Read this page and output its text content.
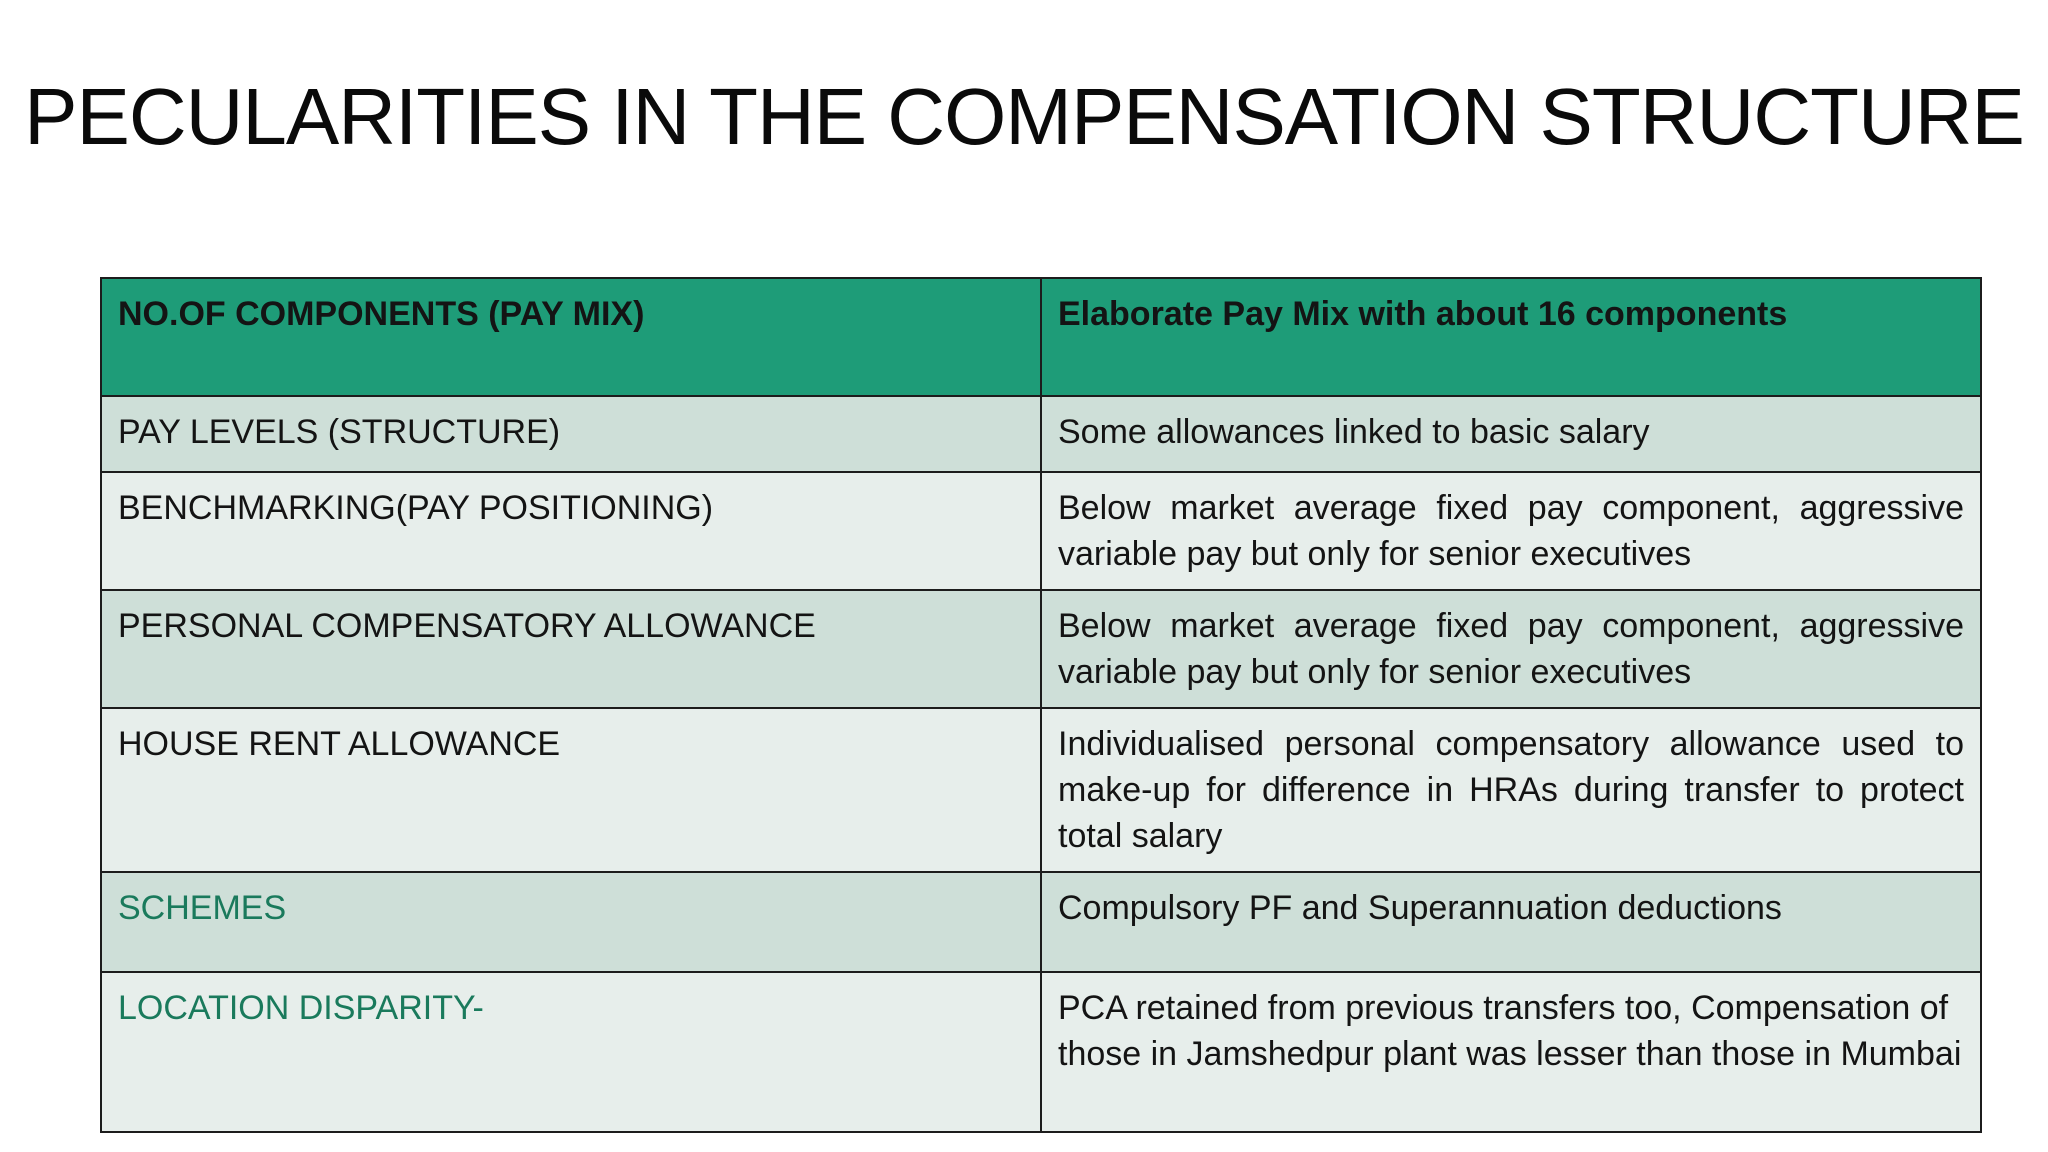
PECULARITIES IN THE COMPENSATION STRUCTURE
NO.OF COMPONENTS (PAY MIX)	Elaborate Pay Mix with about 16 components
PAY LEVELS (STRUCTURE)	Some allowances linked to basic salary
BENCHMARKING(PAY POSITIONING)	Below market average fixed pay component, aggressive variable pay but only for senior executives
PERSONAL COMPENSATORY ALLOWANCE	Below market average fixed pay component, aggressive variable pay but only for senior executives
HOUSE RENT ALLOWANCE	Individualised personal compensatory allowance used to make-up for difference in HRAs during transfer to protect total salary
SCHEMES	Compulsory PF and Superannuation deductions
LOCATION DISPARITY-	PCA retained from previous transfers too, Compensation of those in Jamshedpur plant was lesser than those in Mumbai
